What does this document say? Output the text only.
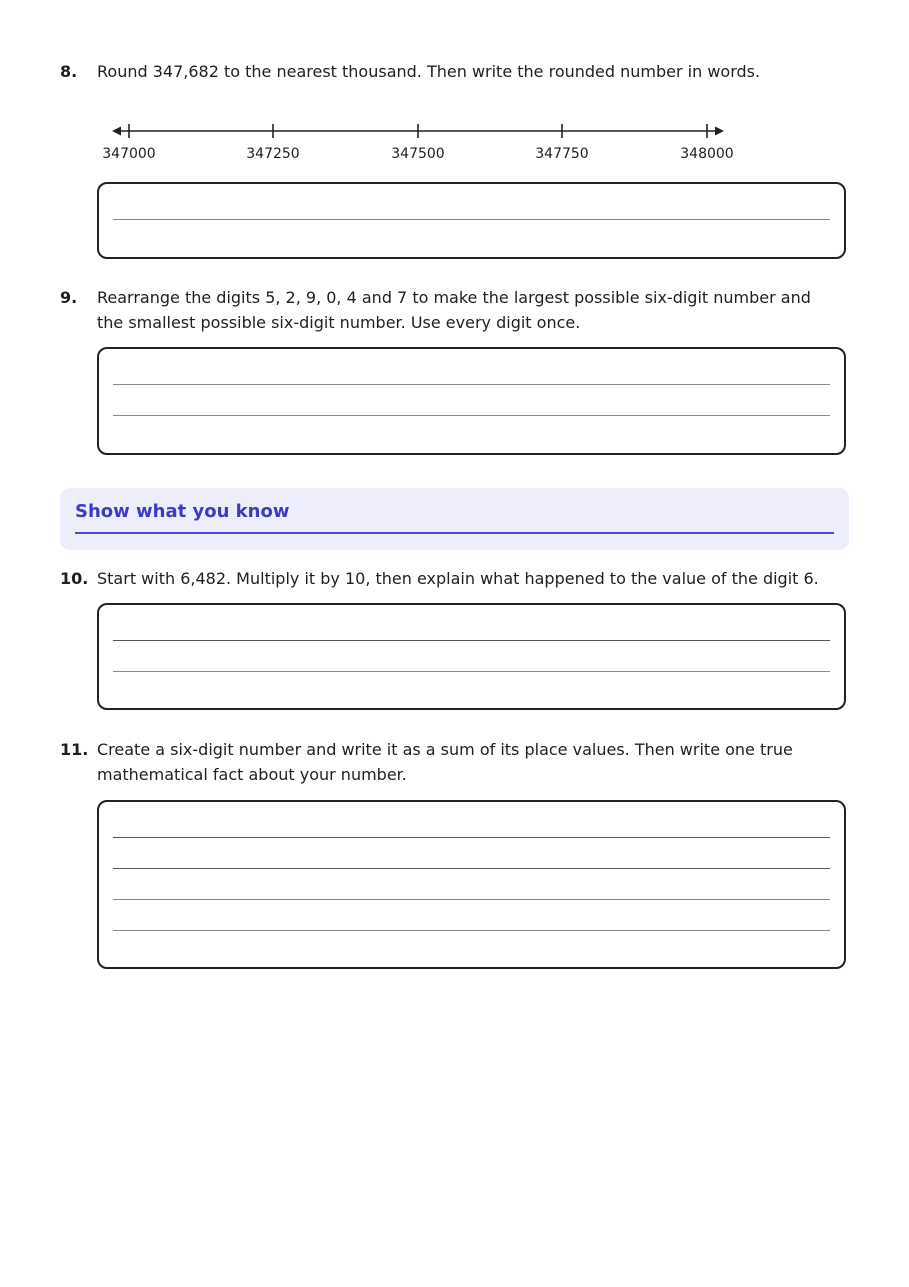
8. Round 347,682 to the nearest thousand. Then write the rounded number in words.
347000	347250	347500	347750	348000
9. Rearrange the digits 5, 2, 9, 0, 4 and 7 to make the largest possible six-digit number and the smallest possible six-digit number. Use every digit once.
Show what you know
10. Start with 6,482. Multiply it by 10, then explain what happened to the value of the digit 6.
11. Create a six-digit number and write it as a sum of its place values. Then write one true mathematical fact about your number.
